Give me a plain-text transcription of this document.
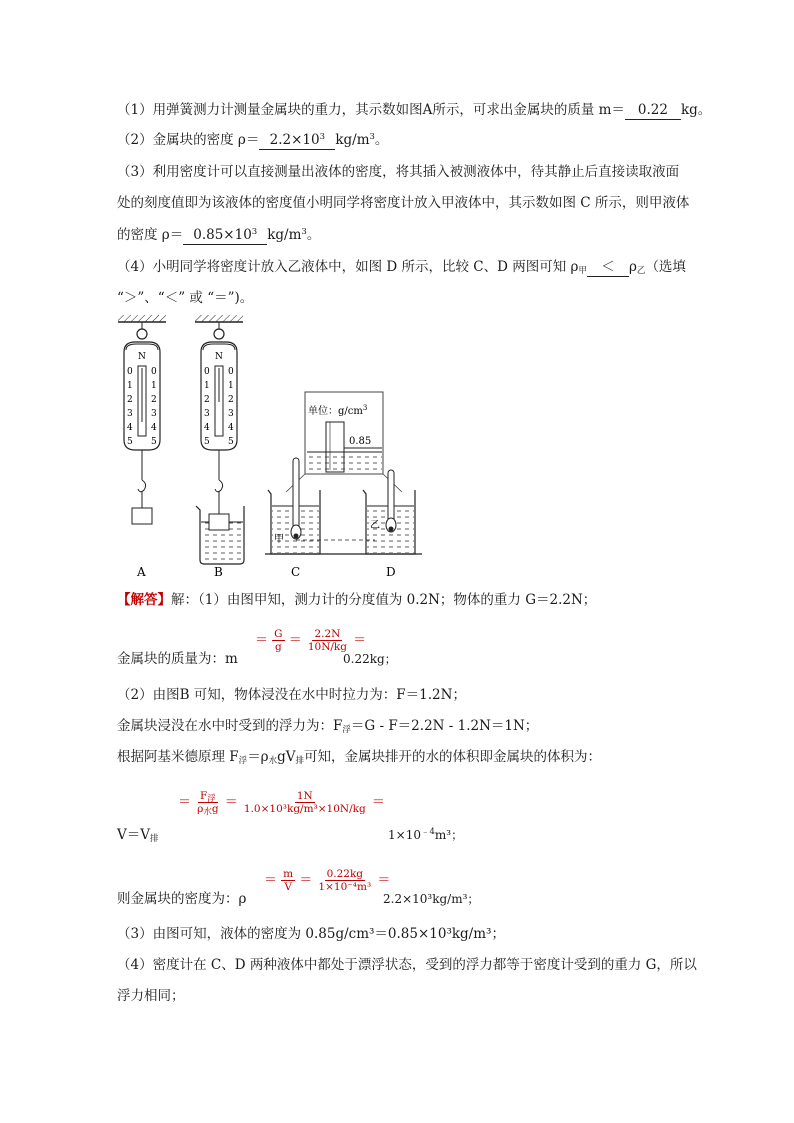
（1）用弹簧测力计测量金属块的重力，其示数如图A所示，可求出金属块的质量 m＝ 0.22 kg。
（2）金属块的密度 $\rho= 2.2\times 10^3$ $kg/m^3$。
（3）利用密度计可以直接测量出液体的密度，将其插入被测液体中，待其静止后直接读取液面
处的刻度值即为该液体的密度值小明同学将密度计放入甲液体中，其示数如图 C 所示，则甲液体
的密度 $\rho= 0.85\times 10^3$ $kg/m^3$。
（4）小明同学将密度计放入乙液体中，如图 D 所示，比较 C、D 两图可知 $\rho_甲 < \rho_乙$（选填
“＞”、“＜” 或 “＝”)。
N
0
1
2
3
4
5
0
1
2
3
4
5
N
0
1
2
3
4
5
0
1
2
3
4
5
单位：$g/cm^3$
0.85
甲
乙
A	B	C	D
【解答】解：（1）由图甲知，测力计的分度值为 0.2N；物体的重力 G＝2.2N；
金属块的质量为：m
＝ $\frac{G}{g} = \frac{2.2N}{10N/kg}$ ＝
0.22kg；
（2）由图B 可知，物体浸没在水中时拉力为：F＝1.2N；
金属块浸没在水中时受到的浮力为：$F_浮=G - F=2.2N - 1.2N=1N$；
根据阿基米德原理 $F_浮=\rho_水gV_排$可知，金属块排开的水的体积即金属块的体积为：
$V=V_排$
＝ $\frac{F_浮}{\rho_水g} = \frac{1N}{\text{1.0×10³kg/m³×10N/kg}}$ ＝
$1\times 10^{﹣4}m^3$；
则金属块的密度为：ρ
＝ $\frac{m}{V} = \frac{0.22kg}{\text{1×10⁻⁴m³}}$ ＝
2.2×10³kg/m³；
（3）由图可知，液体的密度为 0.85g/cm³＝0.85×10³kg/m³；
（4）密度计在 C、D 两种液体中都处于漂浮状态，受到的浮力都等于密度计受到的重力 G，所以
浮力相同；
